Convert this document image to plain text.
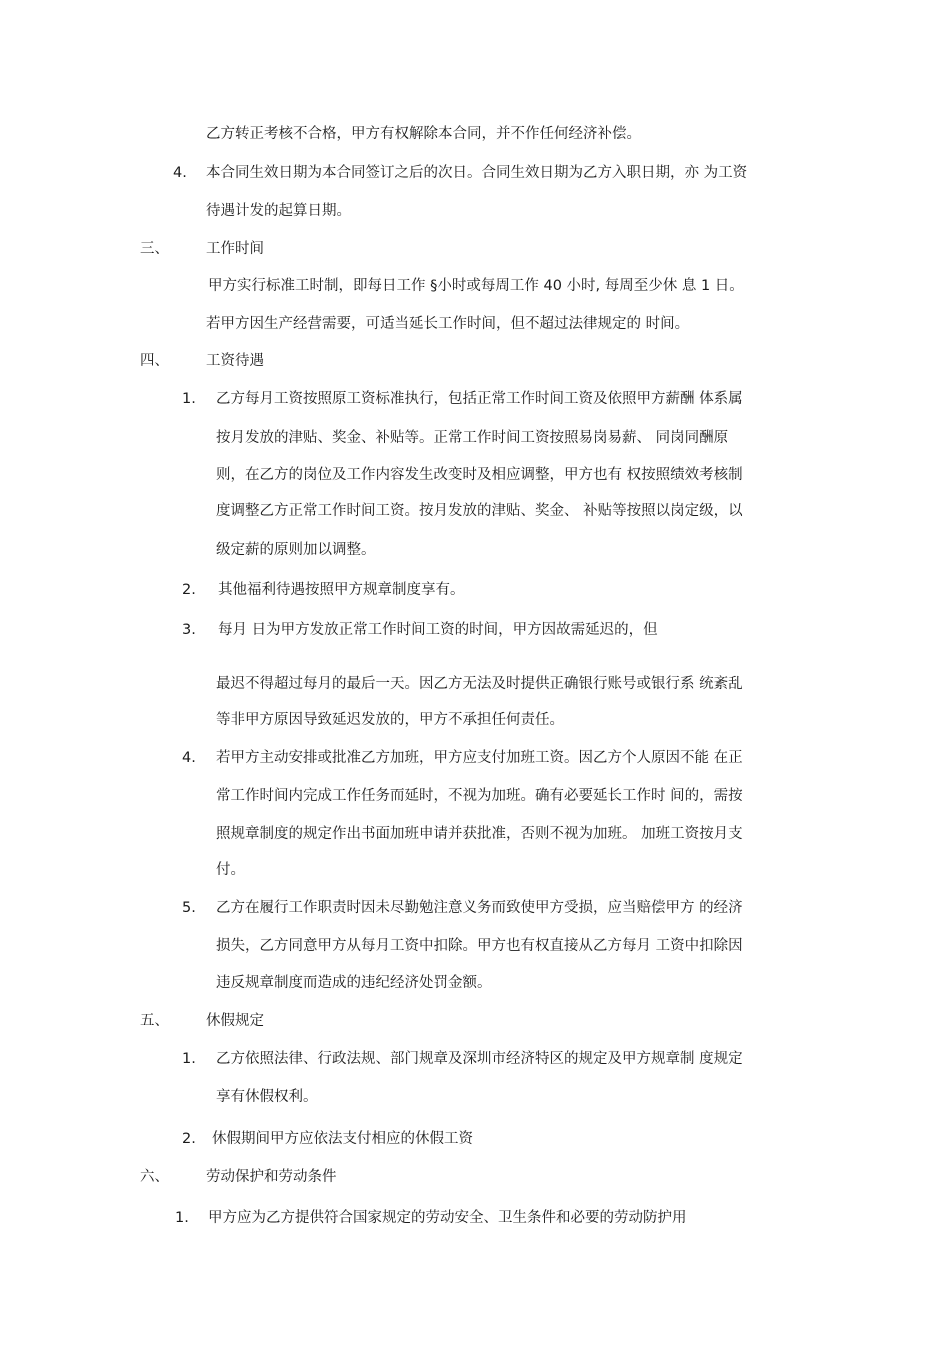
乙方转正考核不合格，甲方有权解除本合同，并不作任何经济补偿。
4. 本合同生效日期为本合同签订之后的次日。合同生效日期为乙方入职日期，亦 为工资
待遇计发的起算日期。
三、	工作时间
甲方实行标准工时制，即每日工作 §小时或每周工作 40 小时, 每周至少休 息 1 日。
若甲方因生产经营需要，可适当延长工作时间，但不超过法律规定的 时间。
四、	工资待遇
1. 乙方每月工资按照原工资标准执行，包括正常工作时间工资及依照甲方薪酬 体系属
按月发放的津贴、奖金、补贴等。正常工作时间工资按照易岗易薪、 同岗同酬原
则，在乙方的岗位及工作内容发生改变时及相应调整，甲方也有 权按照绩效考核制
度调整乙方正常工作时间工资。按月发放的津贴、奖金、 补贴等按照以岗定级，以
级定薪的原则加以调整。
2. 其他福利待遇按照甲方规章制度享有。
3. 每月 日为甲方发放正常工作时间工资的时间，甲方因故需延迟的，但
最迟不得超过每月的最后一天。因乙方无法及时提供正确银行账号或银行系 统紊乱
等非甲方原因导致延迟发放的，甲方不承担任何责任。
4. 若甲方主动安排或批准乙方加班，甲方应支付加班工资。因乙方个人原因不能 在正
常工作时间内完成工作任务而延时，不视为加班。确有必要延长工作时 间的，需按
照规章制度的规定作出书面加班申请并获批准，否则不视为加班。 加班工资按月支
付。
5. 乙方在履行工作职责时因未尽勤勉注意义务而致使甲方受损，应当赔偿甲方 的经济
损失，乙方同意甲方从每月工资中扣除。甲方也有权直接从乙方每月 工资中扣除因
违反规章制度而造成的违纪经济处罚金额。
五、	休假规定
1. 乙方依照法律、行政法规、部门规章及深圳市经济特区的规定及甲方规章制 度规定
享有休假权利。
2. 休假期间甲方应依法支付相应的休假工资
六、	劳动保护和劳动条件
1. 甲方应为乙方提供符合国家规定的劳动安全、卫生条件和必要的劳动防护用
